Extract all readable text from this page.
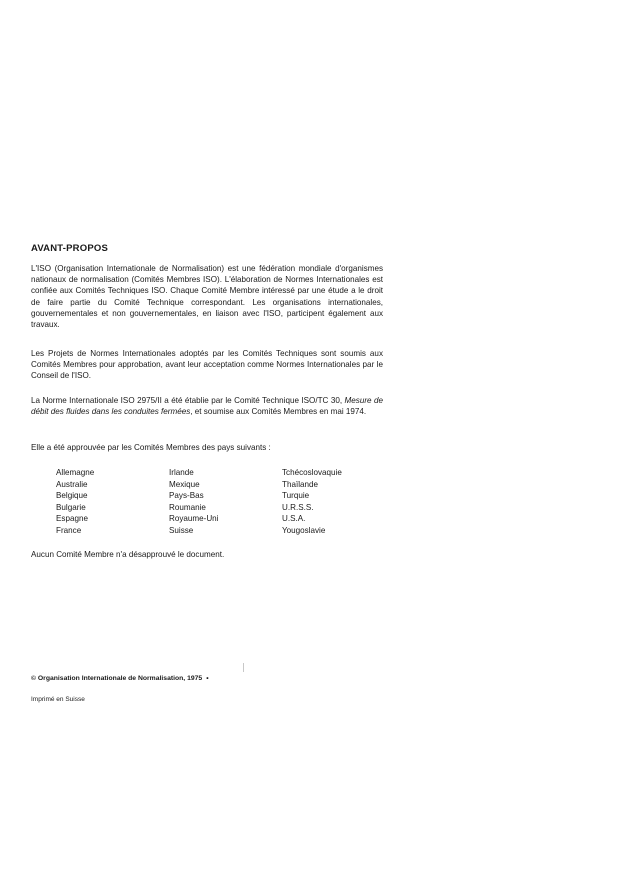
AVANT-PROPOS

L'ISO (Organisation Internationale de Normalisation) est une fédération mondiale d'organismes nationaux de normalisation (Comités Membres ISO). L'élaboration de Normes Internationales est confiée aux Comités Techniques ISO. Chaque Comité Membre intéressé par une étude a le droit de faire partie du Comité Technique correspondant. Les organisations internationales, gouvernementales et non gouvernementales, en liaison avec l'ISO, participent également aux travaux.

Les Projets de Normes Internationales adoptés par les Comités Techniques sont soumis aux Comités Membres pour approbation, avant leur acceptation comme Normes Internationales par le Conseil de l'ISO.

La Norme Internationale ISO 2975/II a été établie par le Comité Technique ISO/TC 30, Mesure de débit des fluides dans les conduites fermées, et soumise aux Comités Membres en mai 1974.

Elle a été approuvée par les Comités Membres des pays suivants :

Allemagne
Australie
Belgique
Bulgarie
Espagne
France
Irlande
Mexique
Pays-Bas
Roumanie
Royaume-Uni
Suisse
Tchécoslovaquie
Thaïlande
Turquie
U.R.S.S.
U.S.A.
Yougoslavie

Aucun Comité Membre n'a désapprouvé le document.

© Organisation Internationale de Normalisation, 1975 •

Imprimé en Suisse
